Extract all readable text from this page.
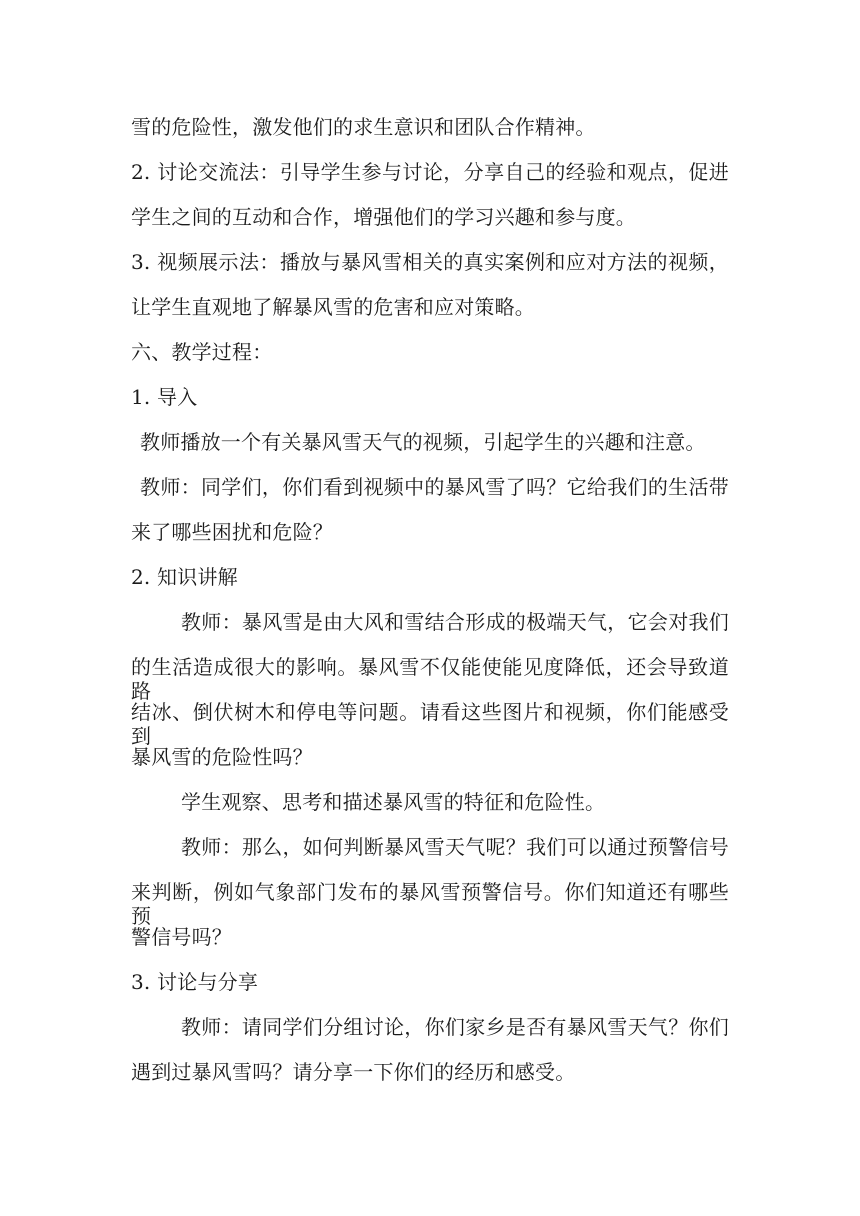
雪的危险性，激发他们的求生意识和团队合作精神。
2. 讨论交流法：引导学生参与讨论，分享自己的经验和观点，促进
学生之间的互动和合作，增强他们的学习兴趣和参与度。
3. 视频展示法：播放与暴风雪相关的真实案例和应对方法的视频，
让学生直观地了解暴风雪的危害和应对策略。
六、教学过程：
1. 导入
教师播放一个有关暴风雪天气的视频，引起学生的兴趣和注意。
教师：同学们，你们看到视频中的暴风雪了吗？它给我们的生活带
来了哪些困扰和危险？
2. 知识讲解
教师：暴风雪是由大风和雪结合形成的极端天气，它会对我们
的生活造成很大的影响。暴风雪不仅能使能见度降低，还会导致道路
结冰、倒伏树木和停电等问题。请看这些图片和视频，你们能感受到
暴风雪的危险性吗？
学生观察、思考和描述暴风雪的特征和危险性。
教师：那么，如何判断暴风雪天气呢？我们可以通过预警信号
来判断，例如气象部门发布的暴风雪预警信号。你们知道还有哪些预
警信号吗？
3. 讨论与分享
教师：请同学们分组讨论，你们家乡是否有暴风雪天气？你们
遇到过暴风雪吗？请分享一下你们的经历和感受。
